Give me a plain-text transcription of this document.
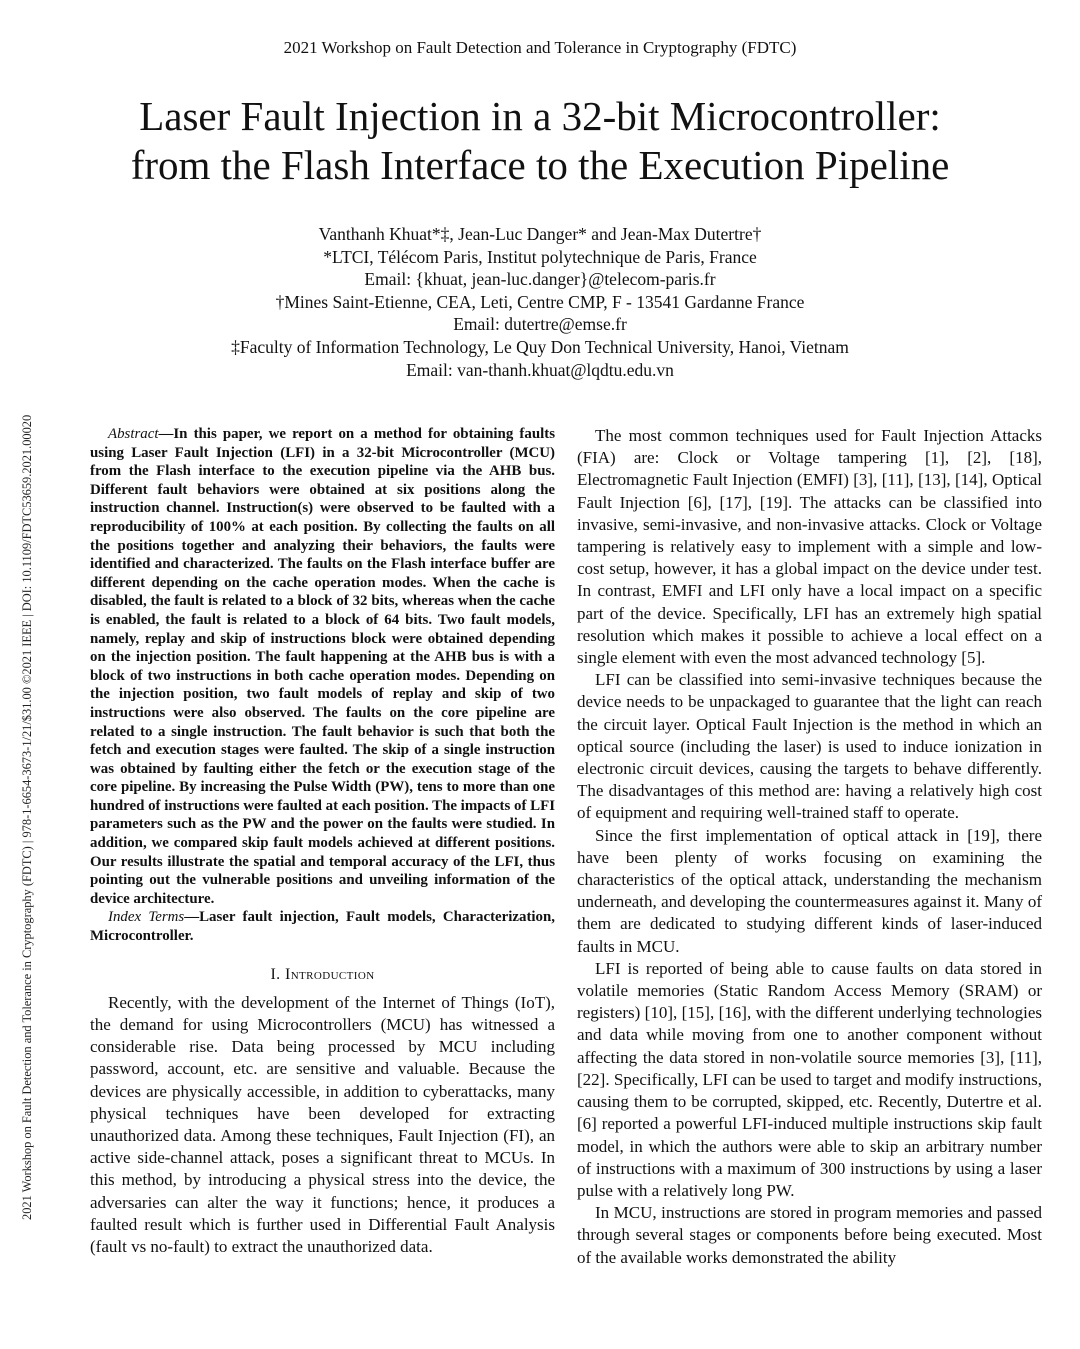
2021 Workshop on Fault Detection and Tolerance in Cryptography (FDTC) | 978-1-6654-3673-1/21/$31.00 ©2021 IEEE | DOI: 10.1109/FDTC53659.2021.00020
2021 Workshop on Fault Detection and Tolerance in Cryptography (FDTC)
Laser Fault Injection in a 32-bit Microcontroller:
from the Flash Interface to the Execution Pipeline
Vanthanh Khuat*‡, Jean-Luc Danger* and Jean-Max Dutertre†
*LTCI, Télécom Paris, Institut polytechnique de Paris, France
Email: {khuat, jean-luc.danger}@telecom-paris.fr
†Mines Saint-Etienne, CEA, Leti, Centre CMP, F - 13541 Gardanne France
Email: dutertre@emse.fr
‡Faculty of Information Technology, Le Quy Don Technical University, Hanoi, Vietnam
Email: van-thanh.khuat@lqdtu.edu.vn

Abstract—In this paper, we report on a method for obtaining faults using Laser Fault Injection (LFI) in a 32-bit Microcontroller (MCU) from the Flash interface to the execution pipeline via the AHB bus. Different fault behaviors were obtained at six positions along the instruction channel. Instruction(s) were observed to be faulted with a reproducibility of 100% at each position. By collecting the faults on all the positions together and analyzing their behaviors, the faults were identified and characterized. The faults on the Flash interface buffer are different depending on the cache operation modes. When the cache is disabled, the fault is related to a block of 32 bits, whereas when the cache is enabled, the fault is related to a block of 64 bits. Two fault models, namely, replay and skip of instructions block were obtained depending on the injection position. The fault happening at the AHB bus is with a block of two instructions in both cache operation modes. Depending on the injection position, two fault models of replay and skip of two instructions were also observed. The faults on the core pipeline are related to a single instruction. The fault behavior is such that both the fetch and execution stages were faulted. The skip of a single instruction was obtained by faulting either the fetch or the execution stage of the core pipeline. By increasing the Pulse Width (PW), tens to more than one hundred of instructions were faulted at each position. The impacts of LFI parameters such as the PW and the power on the faults were studied. In addition, we compared skip fault models achieved at different positions. Our results illustrate the spatial and temporal accuracy of the LFI, thus pointing out the vulnerable positions and unveiling information of the device architecture.

Index Terms—Laser fault injection, Fault models, Characterization, Microcontroller.

I. Introduction

Recently, with the development of the Internet of Things (IoT), the demand for using Microcontrollers (MCU) has witnessed a considerable rise. Data being processed by MCU including password, account, etc. are sensitive and valuable. Because the devices are physically accessible, in addition to cyberattacks, many physical techniques have been developed for extracting unauthorized data. Among these techniques, Fault Injection (FI), an active side-channel attack, poses a significant threat to MCUs. In this method, by introducing a physical stress into the device, the adversaries can alter the way it functions; hence, it produces a faulted result which is further used in Differential Fault Analysis (fault vs no-fault) to extract the unauthorized data.

The most common techniques used for Fault Injection Attacks (FIA) are: Clock or Voltage tampering [1], [2], [18], Electromagnetic Fault Injection (EMFI) [3], [11], [13], [14], Optical Fault Injection [6], [17], [19]. The attacks can be classified into invasive, semi-invasive, and non-invasive attacks. Clock or Voltage tampering is relatively easy to implement with a simple and low-cost setup, however, it has a global impact on the device under test. In contrast, EMFI and LFI only have a local impact on a specific part of the device. Specifically, LFI has an extremely high spatial resolution which makes it possible to achieve a local effect on a single element with even the most advanced technology [5].

LFI can be classified into semi-invasive techniques because the device needs to be unpackaged to guarantee that the light can reach the circuit layer. Optical Fault Injection is the method in which an optical source (including the laser) is used to induce ionization in electronic circuit devices, causing the targets to behave differently. The disadvantages of this method are: having a relatively high cost of equipment and requiring well-trained staff to operate.

Since the first implementation of optical attack in [19], there have been plenty of works focusing on examining the characteristics of the optical attack, understanding the mechanism underneath, and developing the countermeasures against it. Many of them are dedicated to studying different kinds of laser-induced faults in MCU.

LFI is reported of being able to cause faults on data stored in volatile memories (Static Random Access Memory (SRAM) or registers) [10], [15], [16], with the different underlying technologies and data while moving from one to another component without affecting the data stored in non-volatile source memories [3], [11], [22]. Specifically, LFI can be used to target and modify instructions, causing them to be corrupted, skipped, etc. Recently, Dutertre et al. [6] reported a powerful LFI-induced multiple instructions skip fault model, in which the authors were able to skip an arbitrary number of instructions with a maximum of 300 instructions by using a laser pulse with a relatively long PW.

In MCU, instructions are stored in program memories and passed through several stages or components before being executed. Most of the available works demonstrated the ability
